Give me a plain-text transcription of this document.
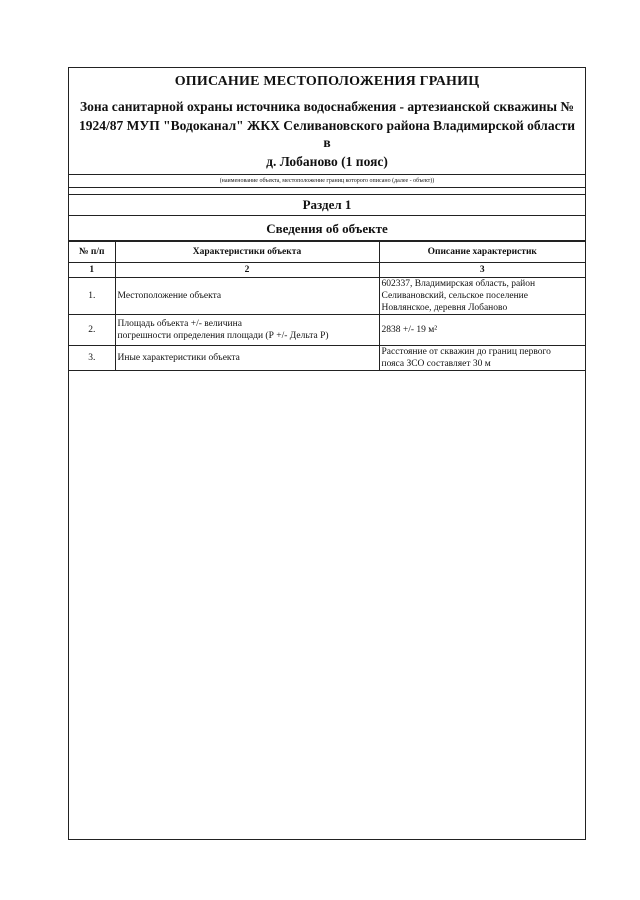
ОПИСАНИЕ МЕСТОПОЛОЖЕНИЯ ГРАНИЦ
Зона санитарной охраны источника водоснабжения - артезианской скважины №
1924/87 МУП "Водоканал" ЖКХ Селивановского района Владимирской области в
д. Лобаново (1 пояс)
(наименование объекта, местоположение границ которого описано (далее - объект))
Раздел 1
Сведения об объекте
№ п/п	Характеристики объекта	Описание характеристик
1	2	3
1.	Местоположение объекта	602337, Владимирская область, район
Селивановский, сельское поселение
Новлянское, деревня Лобаново

2.	Площадь объекта +/- величина
погрешности определения площади (Р +/- Дельта Р)	2838 +/- 19 м²

3.	Иные характеристики объекта	Расстояние от скважин до границ первого
пояса ЗСО составляет 30 м
